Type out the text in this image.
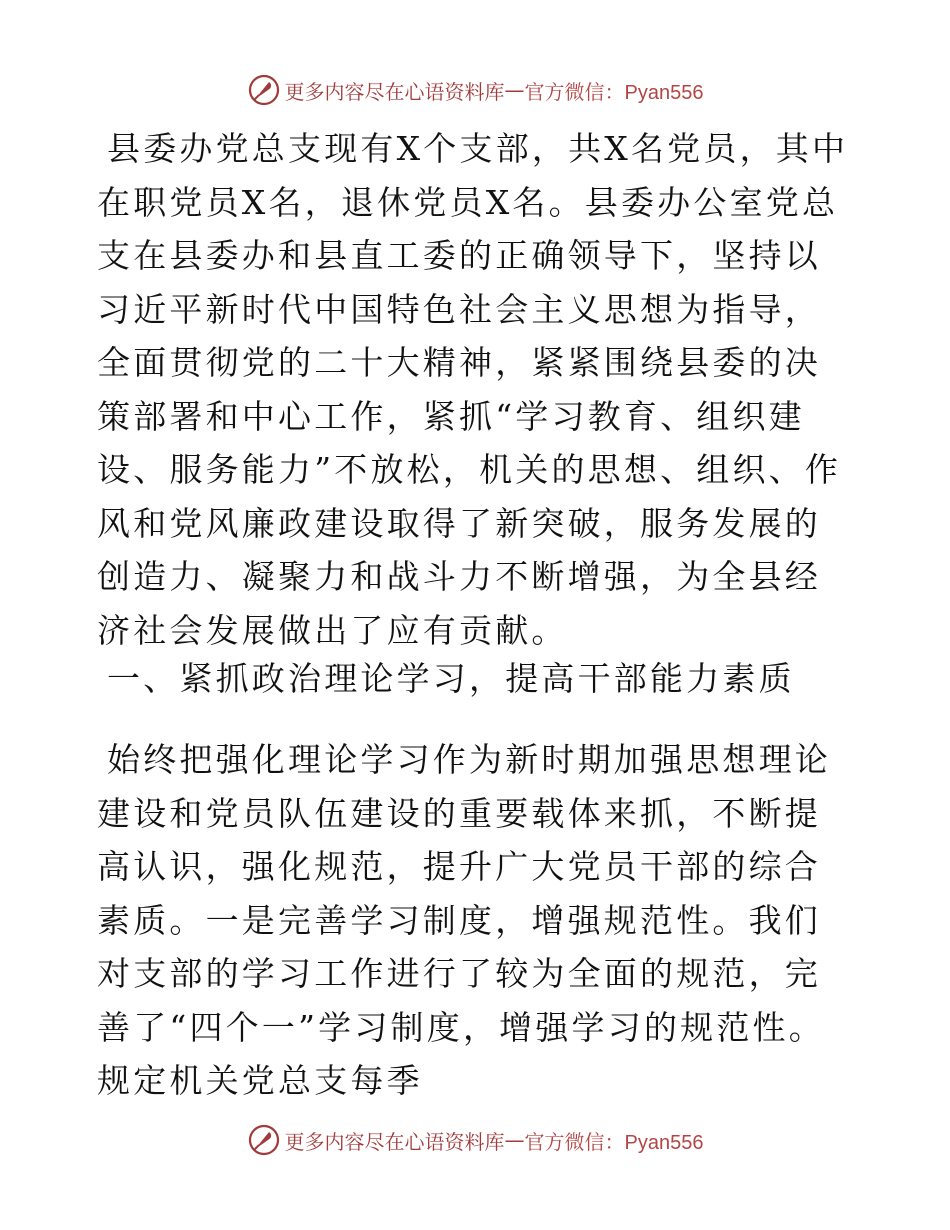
更多内容尽在心语资料库 — 官方微信：Pyan556

县委办党总支现有X个支部，共X名党员，其中在职党员X名，退休党员X名。县委办公室党总支在县委办和县直工委的正确领导下，坚持以习近平新时代中国特色社会主义思想为指导，全面贯彻党的二十大精神，紧紧围绕县委的决策部署和中心工作，紧抓“学习教育、组织建设、服务能力”不放松，机关的思想、组织、作风和党风廉政建设取得了新突破，服务发展的创造力、凝聚力和战斗力不断增强，为全县经济社会发展做出了应有贡献。

一、紧抓政治理论学习，提高干部能力素质

始终把强化理论学习作为新时期加强思想理论建设和党员队伍建设的重要载体来抓，不断提高认识，强化规范，提升广大党员干部的综合素质。一是完善学习制度，增强规范性。我们对支部的学习工作进行了较为全面的规范，完善了“四个一”学习制度，增强学习的规范性。规定机关党总支每季

更多内容尽在心语资料库 — 官方微信：Pyan556
